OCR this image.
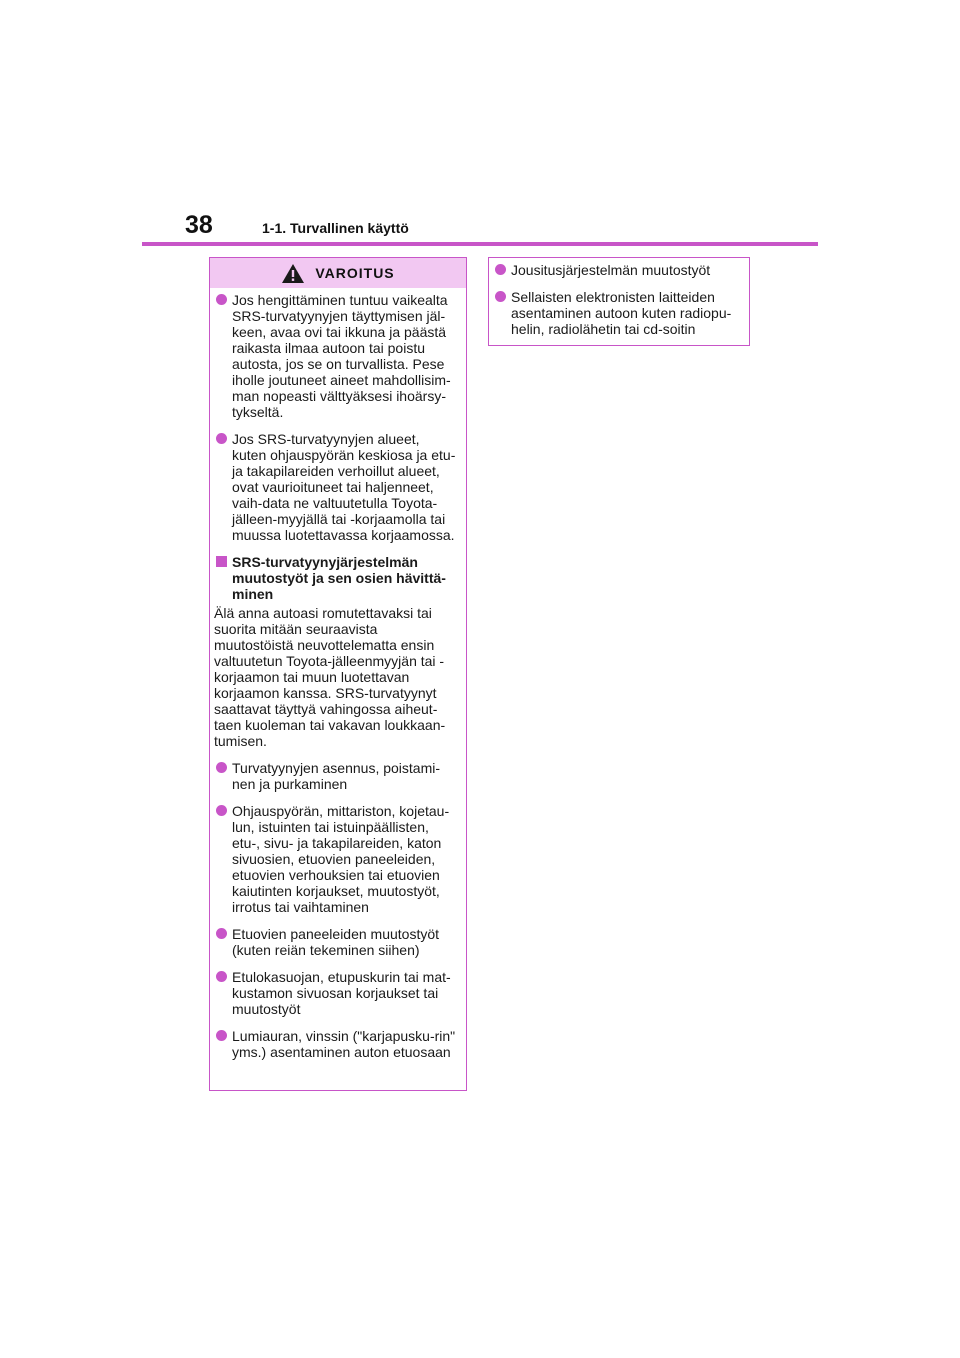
38	1-1. Turvallinen käyttö
VAROITUS
Jos hengittäminen tuntuu vaikealta SRS-turvatyynyjen täyttymisen jäl-keen, avaa ovi tai ikkuna ja päästä raikasta ilmaa autoon tai poistu autosta, jos se on turvallista. Pese iholle joutuneet aineet mahdollisim-man nopeasti välttyäksesi ihoärsy-tykseltä.
Jos SRS-turvatyynyjen alueet, kuten ohjauspyörän keskiosa ja etu- ja takapilareiden verhoillut alueet, ovat vaurioituneet tai haljenneet, vaih-data ne valtuutetulla Toyota-jälleen-myyjällä tai -korjaamolla tai muussa luotettavassa korjaamossa.
SRS-turvatyynyjärjestelmän muutostyöt ja sen osien hävittä-minen
Älä anna autoasi romutettavaksi tai suorita mitään seuraavista muutostöistä neuvottelematta ensin valtuutetun Toyota-jälleenmyyjän tai -korjaamon tai muun luotettavan korjaamon kanssa. SRS-turvatyynyt saattavat täyttyä vahingossa aiheut-taen kuoleman tai vakavan loukkaan-tumisen.
Turvatyynyjen asennus, poistami-nen ja purkaminen
Ohjauspyörän, mittariston, kojetau-lun, istuinten tai istuinpäällisten, etu-, sivu- ja takapilareiden, katon sivuosien, etuovien paneeleiden, etuovien verhouksien tai etuovien kaiutinten korjaukset, muutostyöt, irrotus tai vaihtaminen
Etuovien paneeleiden muutostyöt (kuten reiän tekeminen siihen)
Etulokasuojan, etupuskurin tai mat-kustamon sivuosan korjaukset tai muutostyöt
Lumiauran, vinssin ("karjapusku-rin" yms.) asentaminen auton etuosaan
Jousitusjärjestelmän muutostyöt
Sellaisten elektronisten laitteiden asentaminen autoon kuten radiopu-helin, radiolähetin tai cd-soitin
